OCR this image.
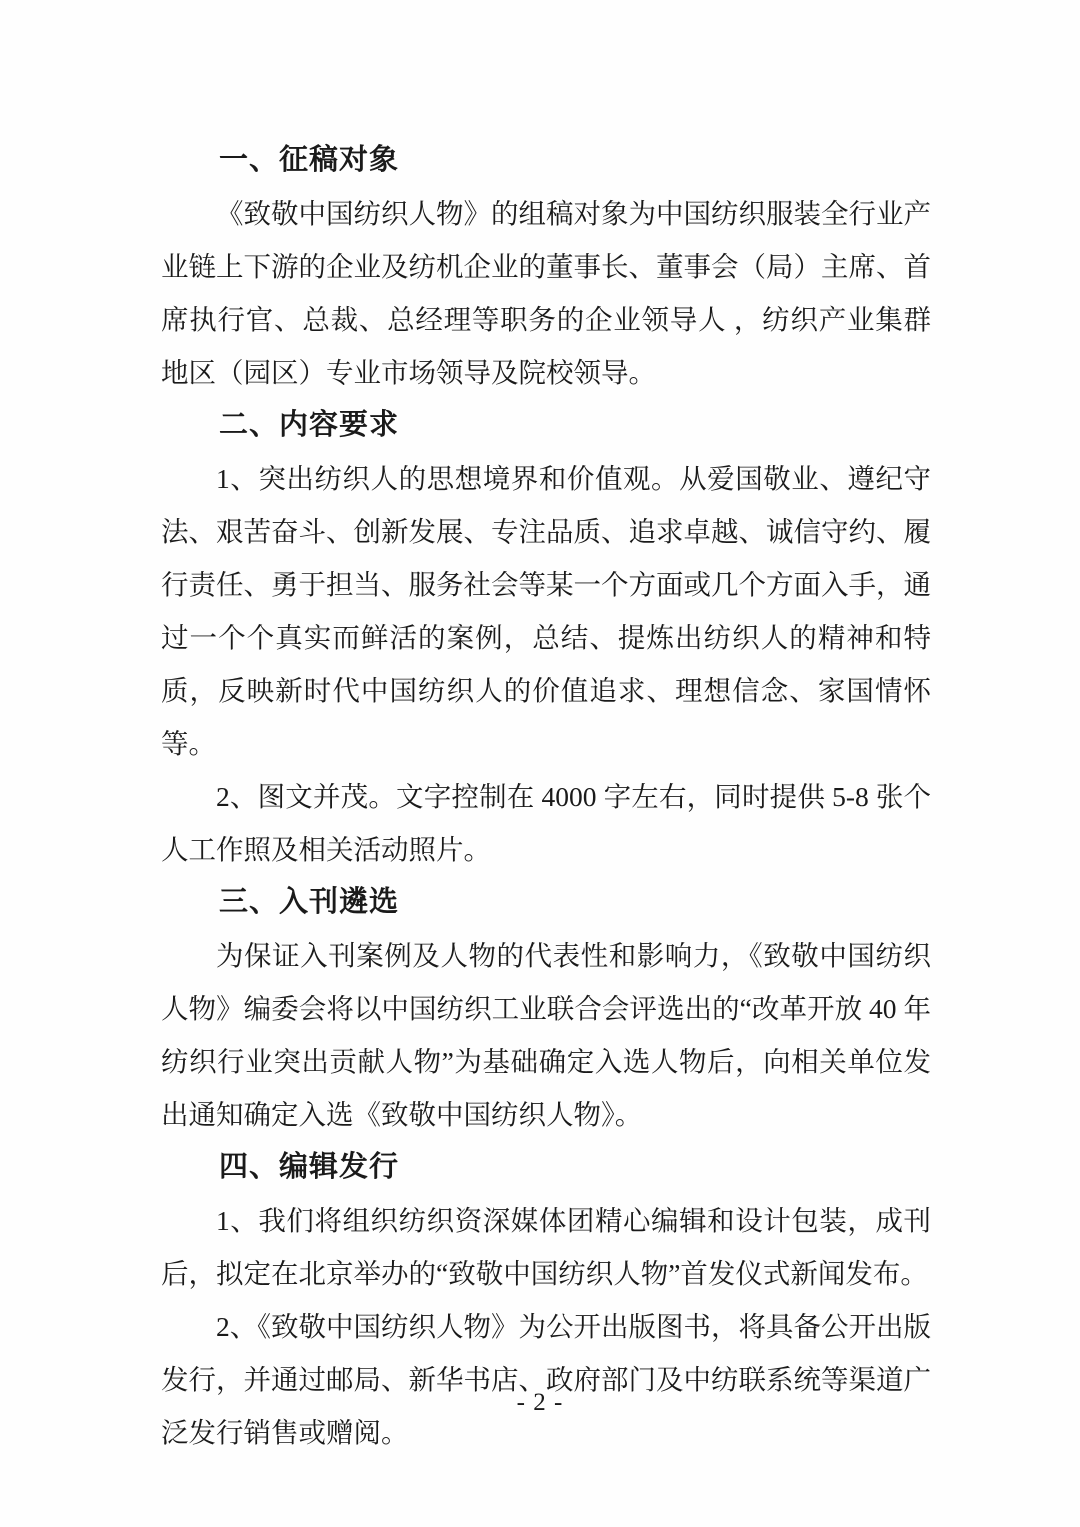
一、征稿对象

《致敬中国纺织人物》的组稿对象为中国纺织服装全行业产业链上下游的企业及纺机企业的董事长、董事会（局）主席、首席执行官、总裁、总经理等职务的企业领导人 ，纺织产业集群地区（园区）专业市场领导及院校领导。

二、内容要求

1、突出纺织人的思想境界和价值观。从爱国敬业、遵纪守法、艰苦奋斗、创新发展、专注品质、追求卓越、诚信守约、履行责任、勇于担当、服务社会等某一个方面或几个方面入手，通过一个个真实而鲜活的案例，总结、提炼出纺织人的精神和特质，反映新时代中国纺织人的价值追求、理想信念、家国情怀等。

2、图文并茂。文字控制在 4000 字左右，同时提供 5-8 张个人工作照及相关活动照片。

三、入刊遴选

为保证入刊案例及人物的代表性和影响力，《致敬中国纺织人物》编委会将以中国纺织工业联合会评选出的“改革开放 40 年纺织行业突出贡献人物”为基础确定入选人物后，向相关单位发出通知确定入选《致敬中国纺织人物》。

四、编辑发行

1、我们将组织纺织资深媒体团精心编辑和设计包装，成刊后，拟定在北京举办的“致敬中国纺织人物”首发仪式新闻发布。

2、《致敬中国纺织人物》为公开出版图书，将具备公开出版发行，并通过邮局、新华书店、政府部门及中纺联系统等渠道广泛发行销售或赠阅。

- 2 -
